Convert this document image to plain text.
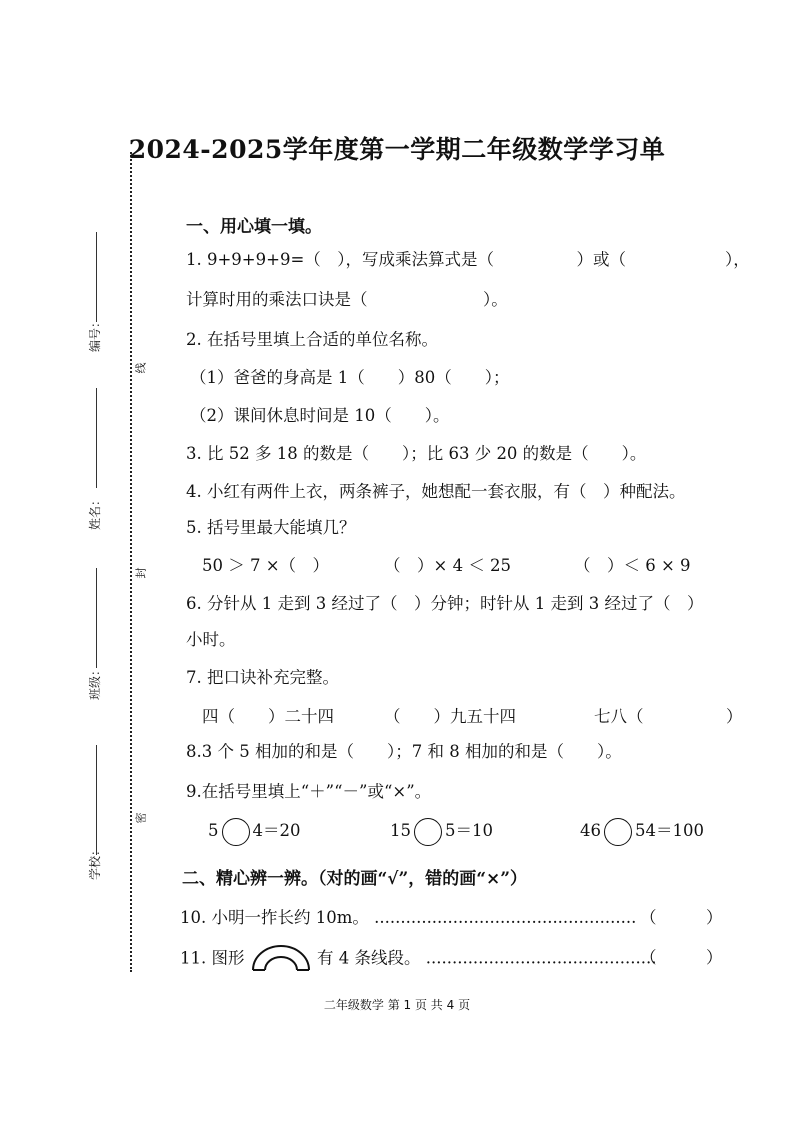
编号：
姓名：
班级：
学校：
线
封
密
2024-2025学年度第一学期二年级数学学习单
一、用心填一填。
1. 9+9+9+9=（　），写成乘法算式是（　　　　　）或（　　　　　　），
计算时用的乘法口诀是（　　　　　　　）。
2. 在括号里填上合适的单位名称。
（1）爸爸的身高是 1（　　）80（　　）；
（2）课间休息时间是 10（　　）。
3. 比 52 多 18 的数是（　　）；比 63 少 20 的数是（　　）。
4. 小红有两件上衣，两条裤子，她想配一套衣服，有（　）种配法。
5. 括号里最大能填几？
50 ＞ 7 ×（　）	（　）× 4 ＜ 25	（　）＜ 6 × 9
6. 分针从 1 走到 3 经过了（　）分钟；时针从 1 走到 3 经过了（　）
小时。
7. 把口诀补充完整。
四（　　）二十四	（　　）九五十四	七八（　　　　　）
8.3 个 5 相加的和是（　　）；7 和 8 相加的和是（　　）。
9.在括号里填上“＋”“－”或“×”。
5 4＝20	15 5＝10	46 54＝100
二、精心辨一辨。（对的画“√”，错的画“×”）
10. 小明一拃长约 10m。 .................................................. （　　　）
11. 图形	有 4 条线段。 ............................................
（　　　）
二年级数学 第 1 页 共 4 页
